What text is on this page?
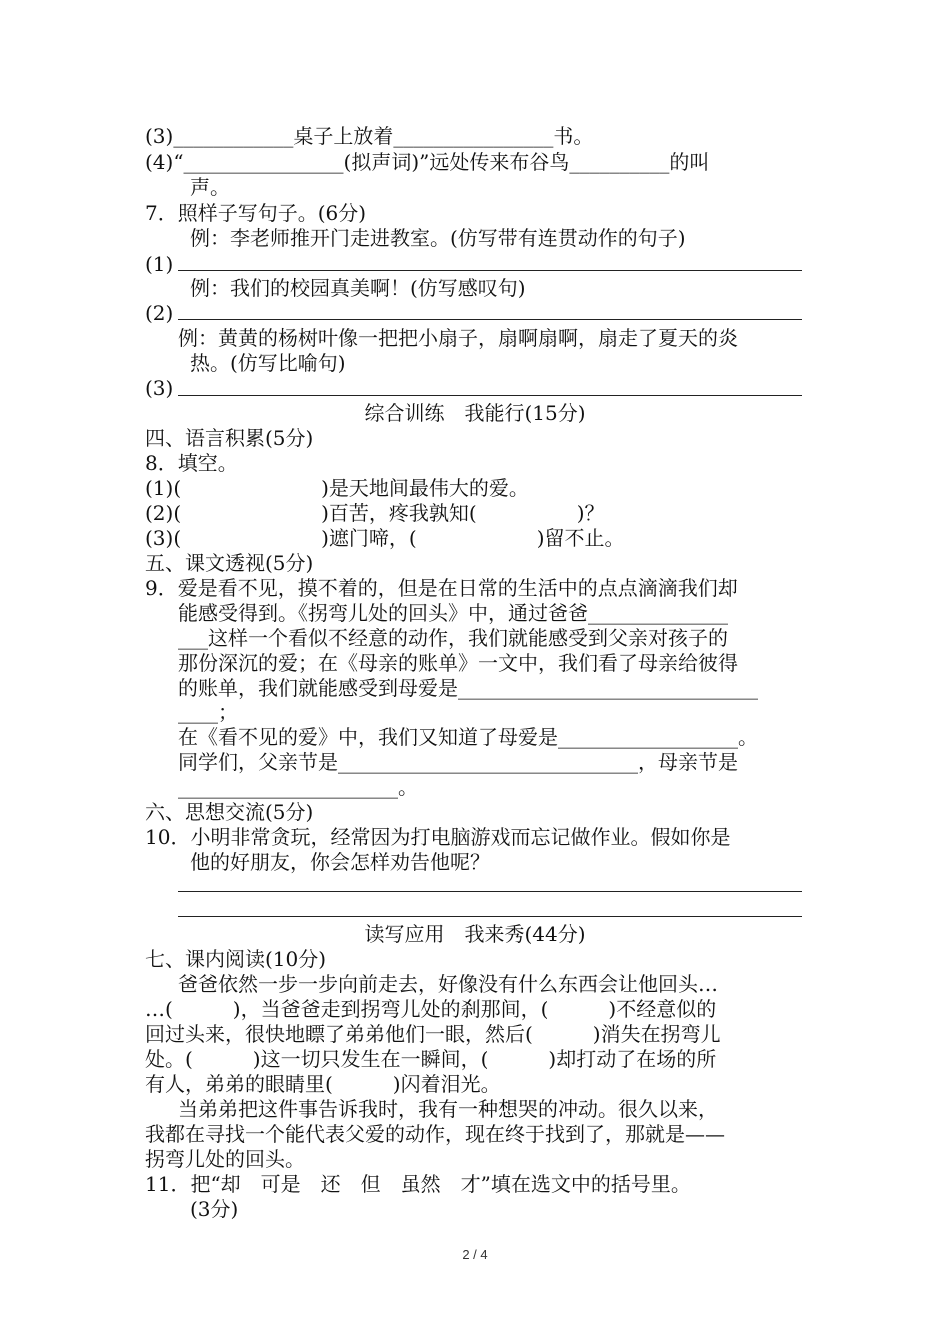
(3)____________桌子上放着________________书。
(4)“________________(拟声词)”远处传来布谷鸟__________的叫
声。
7．照样子写句子。(6分)
例：李老师推开门走进教室。(仿写带有连贯动作的句子)
(1)
例：我们的校园真美啊！(仿写感叹句)
(2)
例：黄黄的杨树叶像一把把小扇子，扇啊扇啊，扇走了夏天的炎
热。(仿写比喻句)
(3)
综合训练　我能行(15分)
四、语言积累(5分)
8．填空。
(1)(　　　　　　　)是天地间最伟大的爱。
(2)(　　　　　　　)百苦，疼我孰知(　　　　　)？
(3)(　　　　　　　)遮门啼，(　　　　　　)留不止。
五、课文透视(5分)
9．爱是看不见，摸不着的，但是在日常的生活中的点点滴滴我们却
能感受得到。《拐弯儿处的回头》中，通过爸爸______________
___这样一个看似不经意的动作，我们就能感受到父亲对孩子的
那份深沉的爱；在《母亲的账单》一文中，我们看了母亲给彼得
的账单，我们就能感受到母爱是______________________________
____；
在《看不见的爱》中，我们又知道了母爱是__________________。
同学们，父亲节是______________________________，母亲节是
______________________。
六、思想交流(5分)
10．小明非常贪玩，经常因为打电脑游戏而忘记做作业。假如你是
他的好朋友，你会怎样劝告他呢？
读写应用　我来秀(44分)
七、课内阅读(10分)
爸爸依然一步一步向前走去，好像没有什么东西会让他回头…
…(　　　)，当爸爸走到拐弯儿处的刹那间，(　　　)不经意似的
回过头来，很快地瞟了弟弟他们一眼，然后(　　　)消失在拐弯儿
处。(　　　)这一切只发生在一瞬间，(　　　)却打动了在场的所
有人，弟弟的眼睛里(　　　)闪着泪光。
当弟弟把这件事告诉我时，我有一种想哭的冲动。很久以来，
我都在寻找一个能代表父爱的动作，现在终于找到了，那就是——
拐弯儿处的回头。
11．把“却　可是　还　但　虽然　才”填在选文中的括号里。
(3分)
2 / 4
